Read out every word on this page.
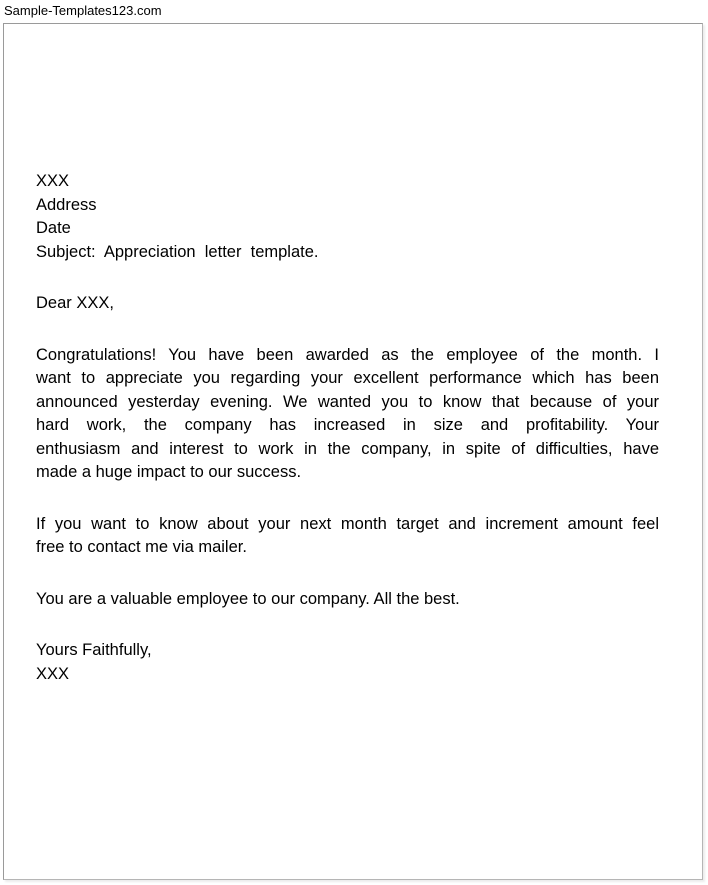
Sample-Templates123.com
XXX
Address
Date
Subject:  Appreciation  letter  template.

Dear XXX,

Congratulations! You have been awarded as the employee of the month. I
want to appreciate you regarding your excellent performance which has been
announced yesterday evening. We wanted you to know that because of your
hard work, the company has increased in size and profitability. Your
enthusiasm and interest to work in the company, in spite of difficulties, have
made a huge impact to our success.

If you want to know about your next month target and increment amount feel
free to contact me via mailer.

You are a valuable employee to our company. All the best.

Yours Faithfully,
XXX
